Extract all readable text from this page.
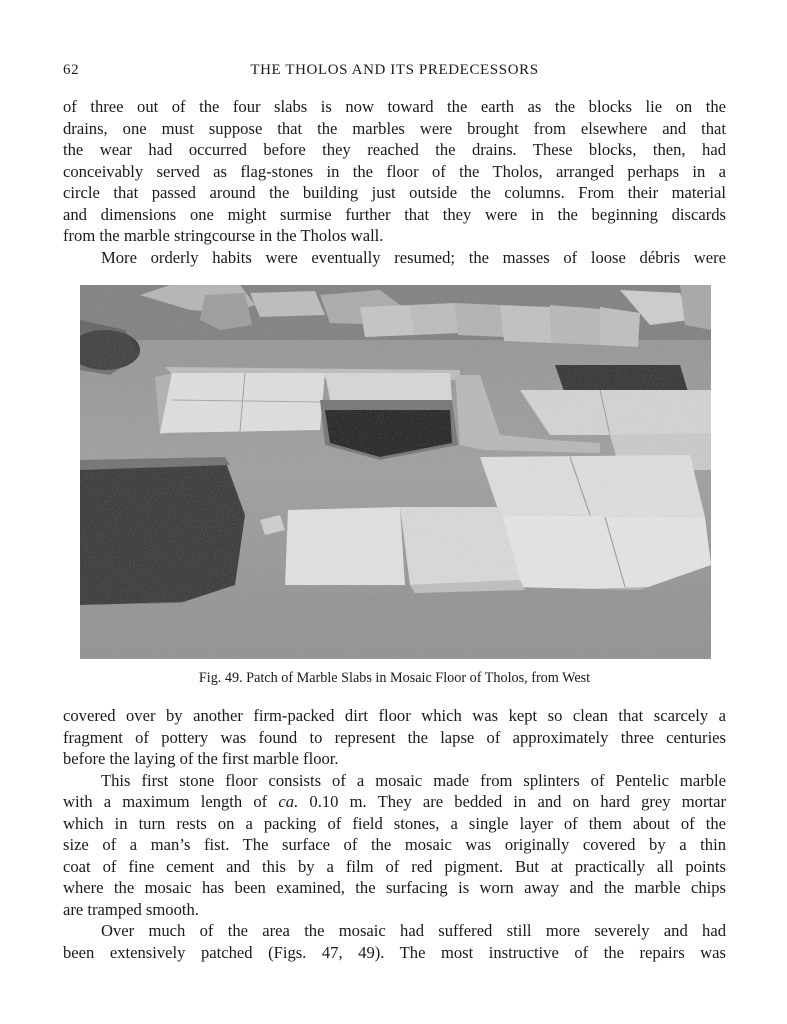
62	THE THOLOS AND ITS PREDECESSORS
of three out of the four slabs is now toward the earth as the blocks lie on the
drains, one must suppose that the marbles were brought from elsewhere and that
the wear had occurred before they reached the drains. These blocks, then, had
conceivably served as flag-stones in the floor of the Tholos, arranged perhaps in a
circle that passed around the building just outside the columns. From their material
and dimensions one might surmise further that they were in the beginning discards
from the marble stringcourse in the Tholos wall.
More orderly habits were eventually resumed; the masses of loose débris were
Fig. 49. Patch of Marble Slabs in Mosaic Floor of Tholos, from West
covered over by another firm-packed dirt floor which was kept so clean that scarcely a
fragment of pottery was found to represent the lapse of approximately three centuries
before the laying of the first marble floor.
This first stone floor consists of a mosaic made from splinters of Pentelic marble
with a maximum length of ca. 0.10 m. They are bedded in and on hard grey mortar
which in turn rests on a packing of field stones, a single layer of them about of the
size of a man’s fist. The surface of the mosaic was originally covered by a thin
coat of fine cement and this by a film of red pigment. But at practically all points
where the mosaic has been examined, the surfacing is worn away and the marble chips
are tramped smooth.
Over much of the area the mosaic had suffered still more severely and had
been extensively patched (Figs. 47, 49). The most instructive of the repairs was
